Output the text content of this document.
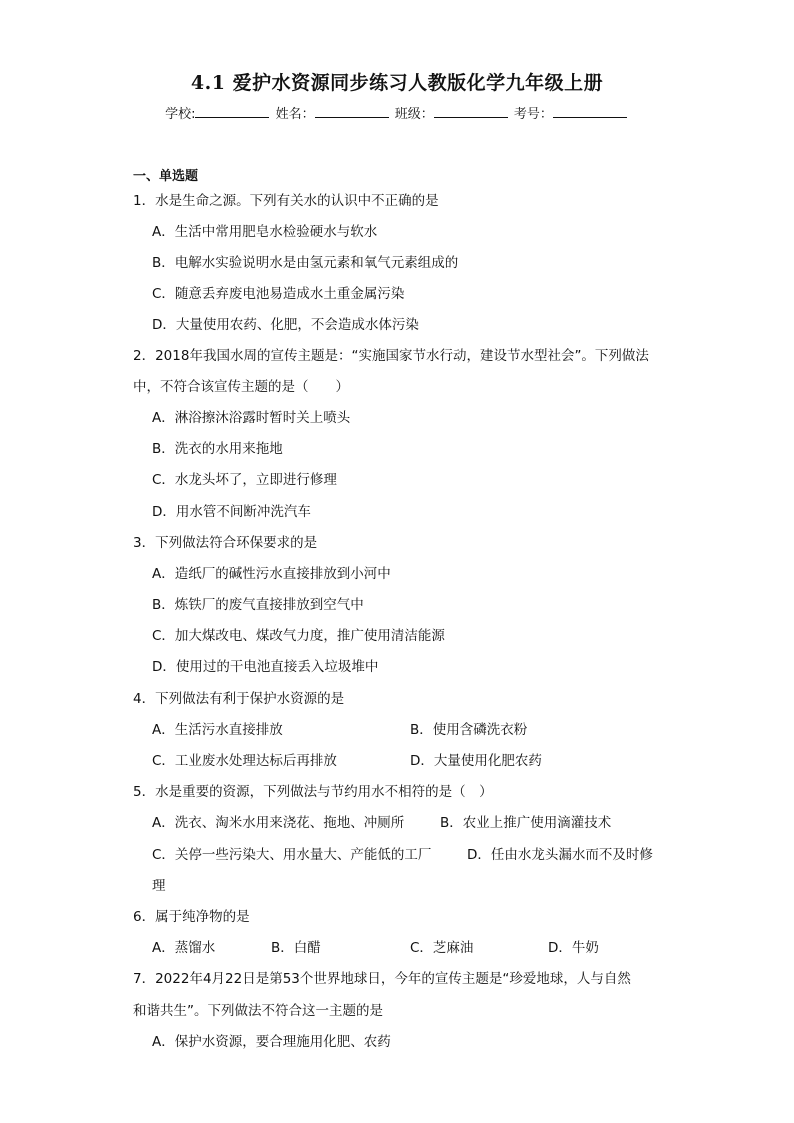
4.1 爱护水资源同步练习人教版化学九年级上册
学校:	姓名：	班级：	考号：
一、单选题
1．水是生命之源。下列有关水的认识中不正确的是
A．生活中常用肥皂水检验硬水与软水
B．电解水实验说明水是由氢元素和氧气元素组成的
C．随意丢弃废电池易造成水土重金属污染
D．大量使用农药、化肥，不会造成水体污染
2．2018年我国水周的宣传主题是：“实施国家节水行动，建设节水型社会”。下列做法
中，不符合该宣传主题的是（　　）
A．淋浴擦沐浴露时暂时关上喷头
B．洗衣的水用来拖地
C．水龙头坏了，立即进行修理
D．用水管不间断冲洗汽车
3．下列做法符合环保要求的是
A．造纸厂的碱性污水直接排放到小河中
B．炼铁厂的废气直接排放到空气中
C．加大煤改电、煤改气力度，推广使用清洁能源
D．使用过的干电池直接丢入垃圾堆中
4．下列做法有利于保护水资源的是
A．生活污水直接排放	B．使用含磷洗衣粉
C．工业废水处理达标后再排放	D．大量使用化肥农药
5．水是重要的资源，下列做法与节约用水不相符的是（　）
A．洗衣、淘米水用来浇花、拖地、冲厕所	B．农业上推广使用滴灌技术
C．关停一些污染大、用水量大、产能低的工厂	D．任由水龙头漏水而不及时修
理
6．属于纯净物的是
A．蒸馏水	B．白醋	C．芝麻油	D．牛奶
7．2022年4月22日是第53个世界地球日，今年的宣传主题是“珍爱地球，人与自然
和谐共生”。下列做法不符合这一主题的是
A．保护水资源，要合理施用化肥、农药
